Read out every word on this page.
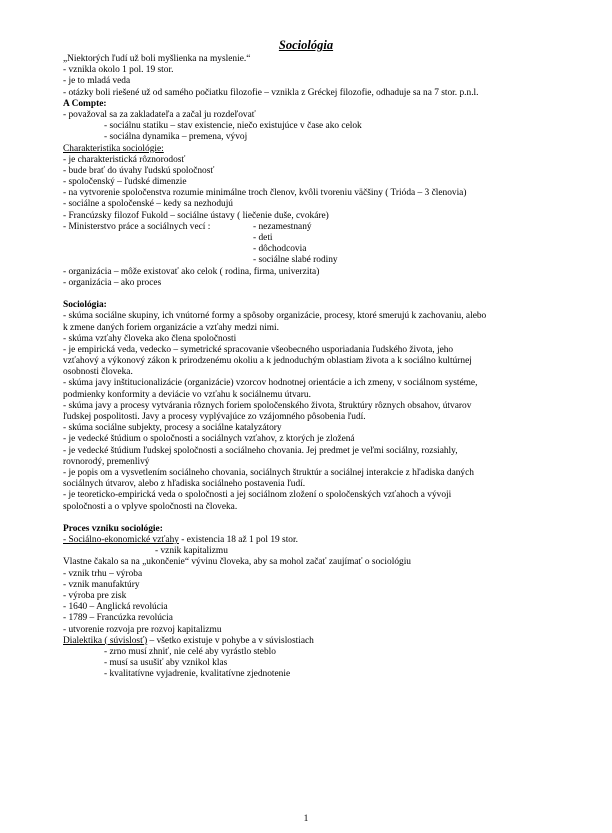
Sociológia
„Niektorých ľudí už boli myšlienka na myslenie.“
- vznikla okolo 1 pol. 19 stor.
- je to mladá veda
- otázky boli riešené už od samého počiatku filozofie – vznikla z Gréckej filozofie, odhaduje sa na 7 stor. p.n.l.
A Compte:
- považoval sa za zakladateľa a začal ju rozdeľovať
- sociálnu statiku – stav existencie, niečo existujúce v čase ako celok
- sociálna dynamika – premena, vývoj
Charakteristika sociológie:
- je charakteristická rôznorodosť
- bude brať do úvahy ľudskú spoločnosť
- spoločenský – ľudské dimenzie
- na vytvorenie spoločenstva rozumie minimálne troch členov, kvôli tvoreniu väčšiny ( Trióda – 3 členovia)
- sociálne a spoločenské – kedy sa nezhodujú
- Francúzsky filozof Fukold – sociálne ústavy ( liečenie duše, cvokáre)
- Ministerstvo práce a sociálnych vecí :	- nezamestnaný
- deti
- dôchodcovia
- sociálne slabé rodiny
- organizácia – môže existovať ako celok ( rodina, firma, univerzita)
- organizácia – ako proces
Sociológia:
- skúma sociálne skupiny, ich vnútorné formy a spôsoby organizácie, procesy, ktoré smerujú k zachovaniu, alebo
k zmene daných foriem organizácie a vzťahy medzi nimi.
- skúma vzťahy človeka ako člena spoločnosti
- je empirická veda, vedecko – symetrické spracovanie všeobecného usporiadania ľudského života, jeho
vzťahový a výkonový zákon k prirodzenému okoliu a k jednoduchým oblastiam života a k sociálno kultúrnej
osobnosti človeka.
- skúma javy inštitucionalizácie (organizácie) vzorcov hodnotnej orientácie a ich zmeny, v sociálnom systéme,
podmienky konformity a deviácie vo vzťahu k sociálnemu útvaru.
- skúma javy a procesy vytvárania rôznych foriem spoločenského života, štruktúry rôznych obsahov, útvarov
ľudskej pospolitosti. Javy a procesy vyplývajúce zo vzájomného pôsobenia ľudí.
- skúma sociálne subjekty, procesy a sociálne katalyzátory
- je vedecké štúdium o spoločnosti a sociálnych vzťahov, z ktorých je zložená
- je vedecké štúdium ľudskej spoločnosti a sociálneho chovania. Jej predmet je veľmi sociálny, rozsiahly,
rovnorodý, premenlivý
- je popis om a vysvetlením sociálneho chovania, sociálnych štruktúr a sociálnej interakcie z hľadiska daných
sociálnych útvarov, alebo z hľadiska sociálneho postavenia ľudí.
- je teoreticko-empirická veda o spoločnosti a jej sociálnom zložení o spoločenských vzťahoch a vývoji
spoločnosti a o vplyve spoločnosti na človeka.
Proces vzniku sociológie:
- Sociálno-ekonomické vzťahy - existencia 18 až 1 pol 19 stor.
- vznik kapitalizmu
Vlastne čakalo sa na „ukončenie“ vývinu človeka, aby sa mohol začať zaujímať o sociológiu
- vznik trhu – výroba
- vznik manufaktúry
- výroba pre zisk
- 1640 – Anglická revolúcia
- 1789 – Francúzka revolúcia
- utvorenie rozvoja pre rozvoj kapitalizmu
Dialektika ( súvislosť) – všetko existuje v pohybe a v súvislostiach
- zrno musí zhniť, nie celé aby vyrástlo steblo
- musí sa usušiť aby vznikol klas
- kvalitatívne vyjadrenie, kvalitatívne zjednotenie
1
